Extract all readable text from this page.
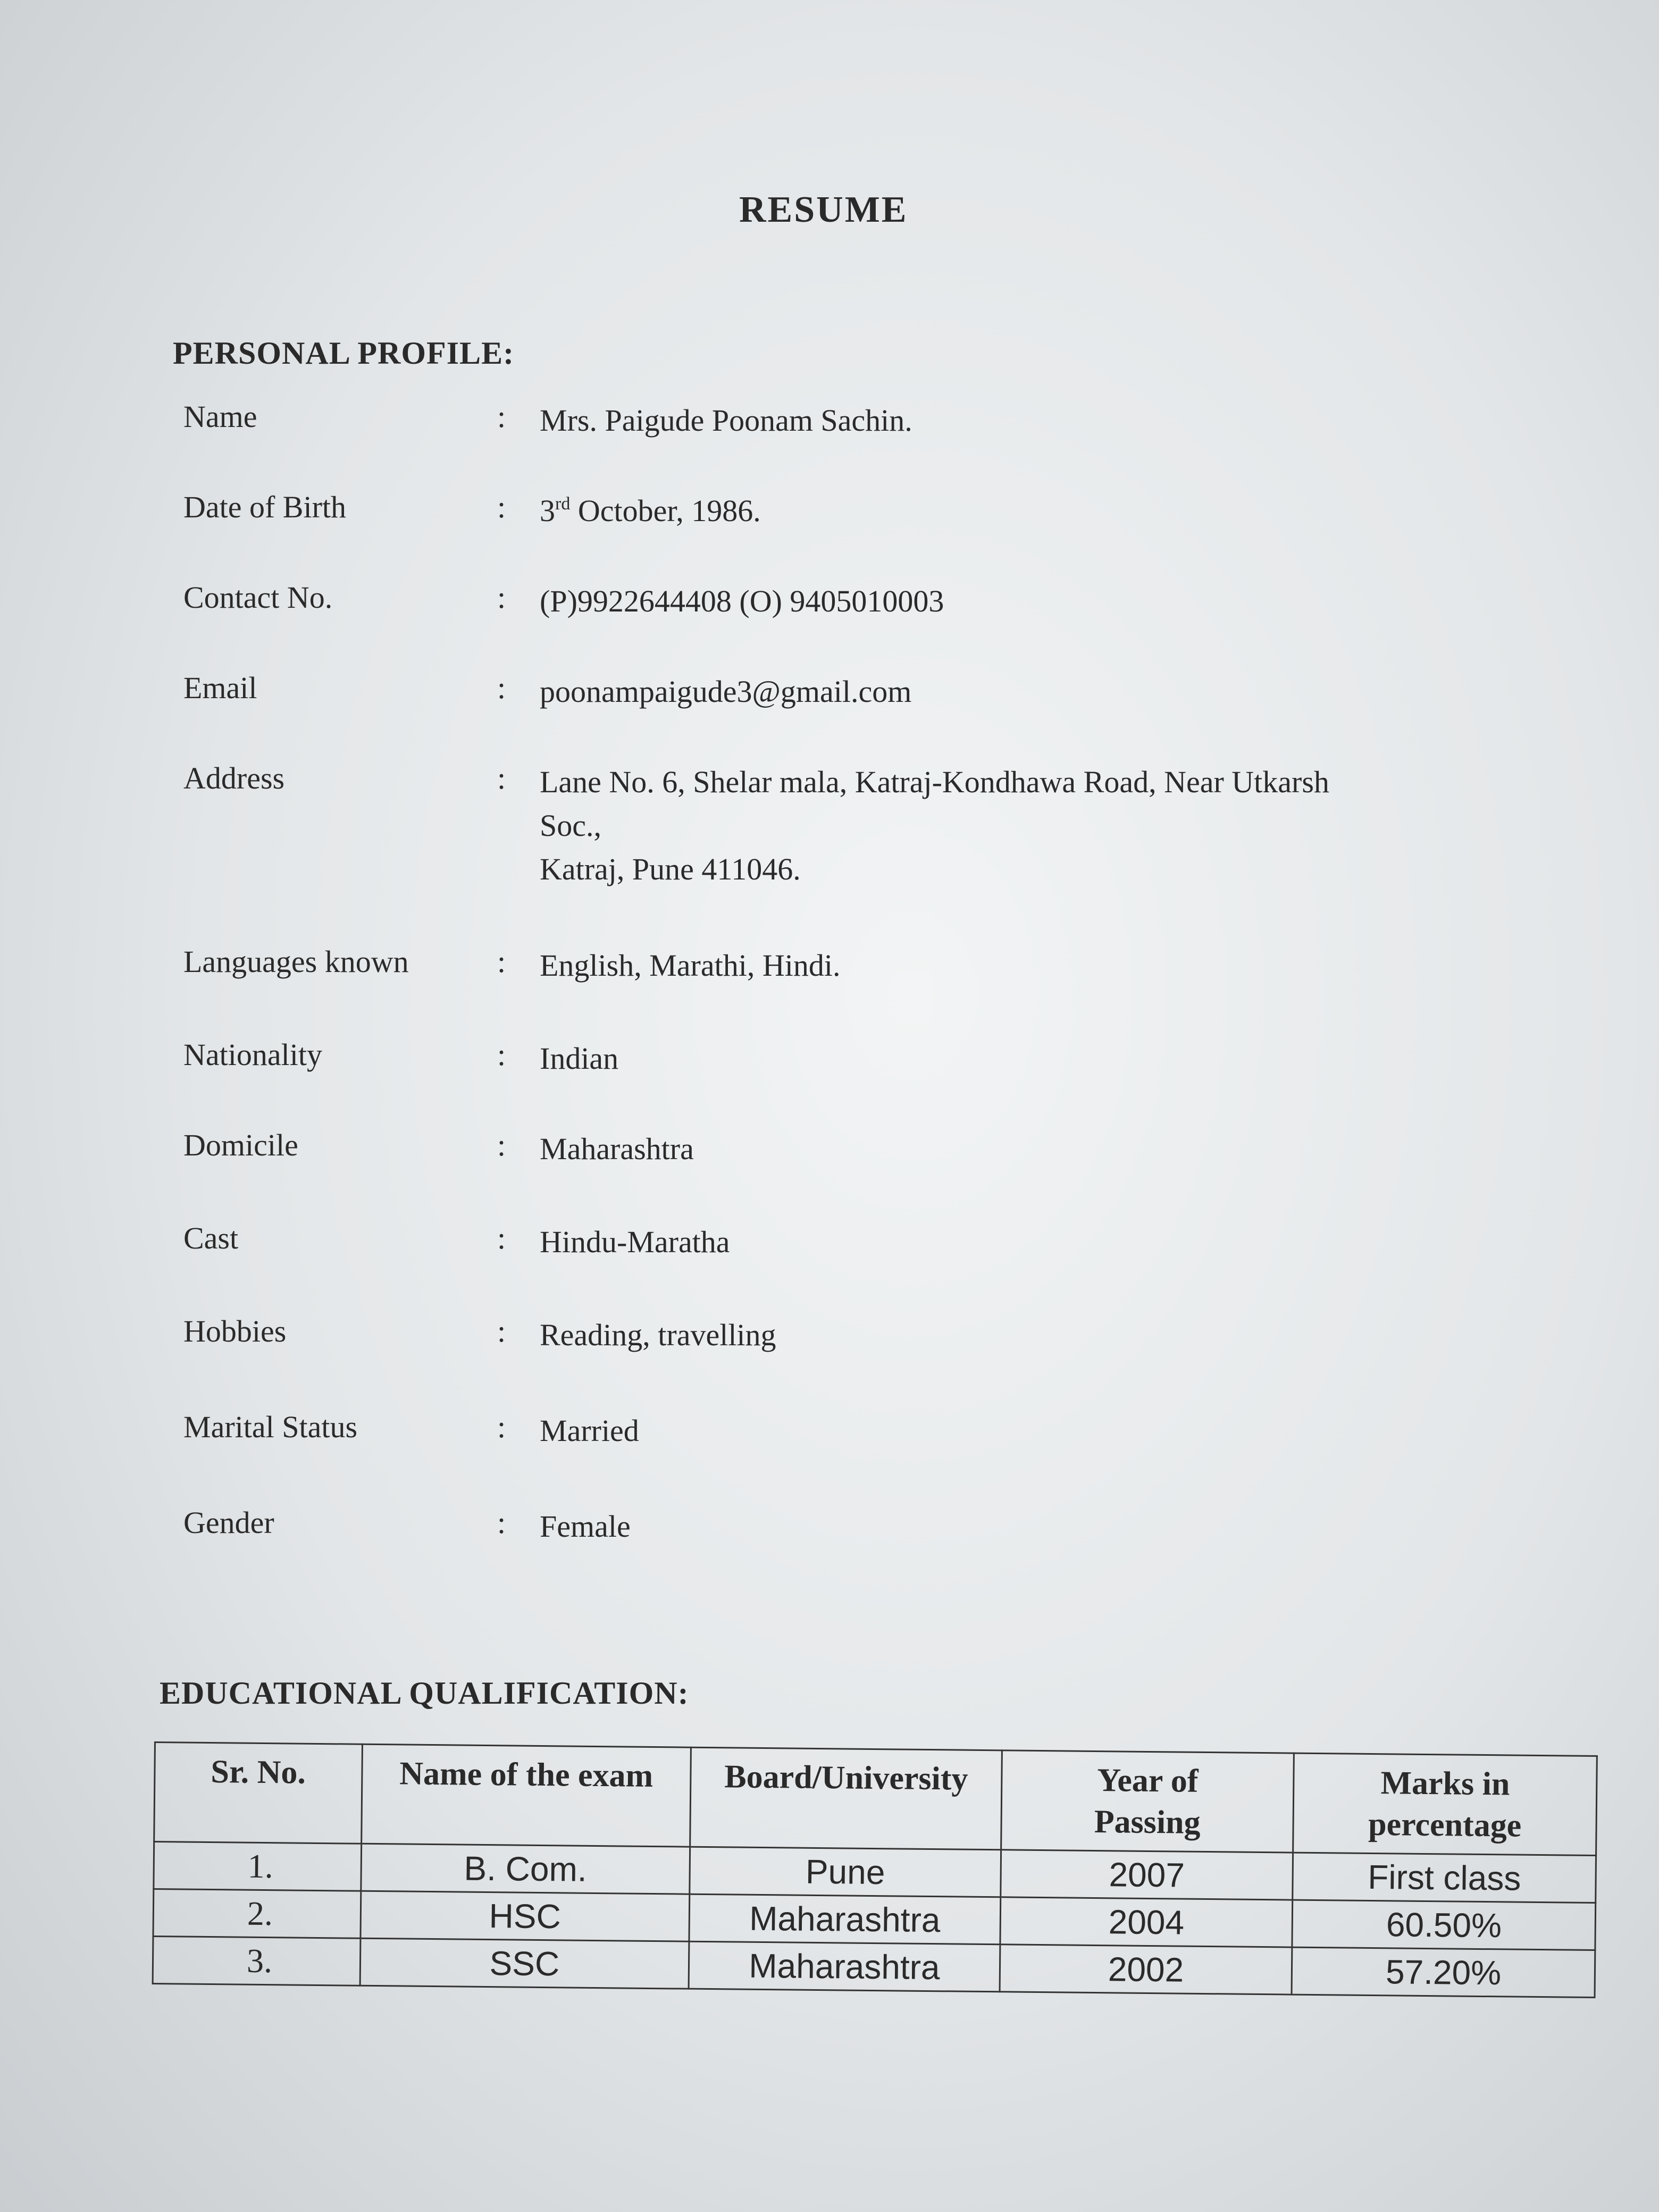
RESUME
PERSONAL PROFILE:
Name	: Mrs. Paigude Poonam Sachin.
Date of Birth	: 3rd October, 1986.
Contact No.	: (P)9922644408 (O) 9405010003
Email	: poonampaigude3@gmail.com
Address	: Lane No. 6, Shelar mala, Katraj-Kondhawa Road, Near Utkarsh
Soc.,
Katraj, Pune 411046.
Languages known	: English, Marathi, Hindi.
Nationality	: Indian
Domicile	: Maharashtra
Cast	: Hindu-Maratha
Hobbies	: Reading, travelling
Marital Status	: Married
Gender	: Female
EDUCATIONAL QUALIFICATION:
Sr. No.	Name of the exam	Board/University	Year of Passing	Marks in percentage
1.	B. Com.	Pune	2007	First class
2.	HSC	Maharashtra	2004	60.50%
3.	SSC	Maharashtra	2002	57.20%
